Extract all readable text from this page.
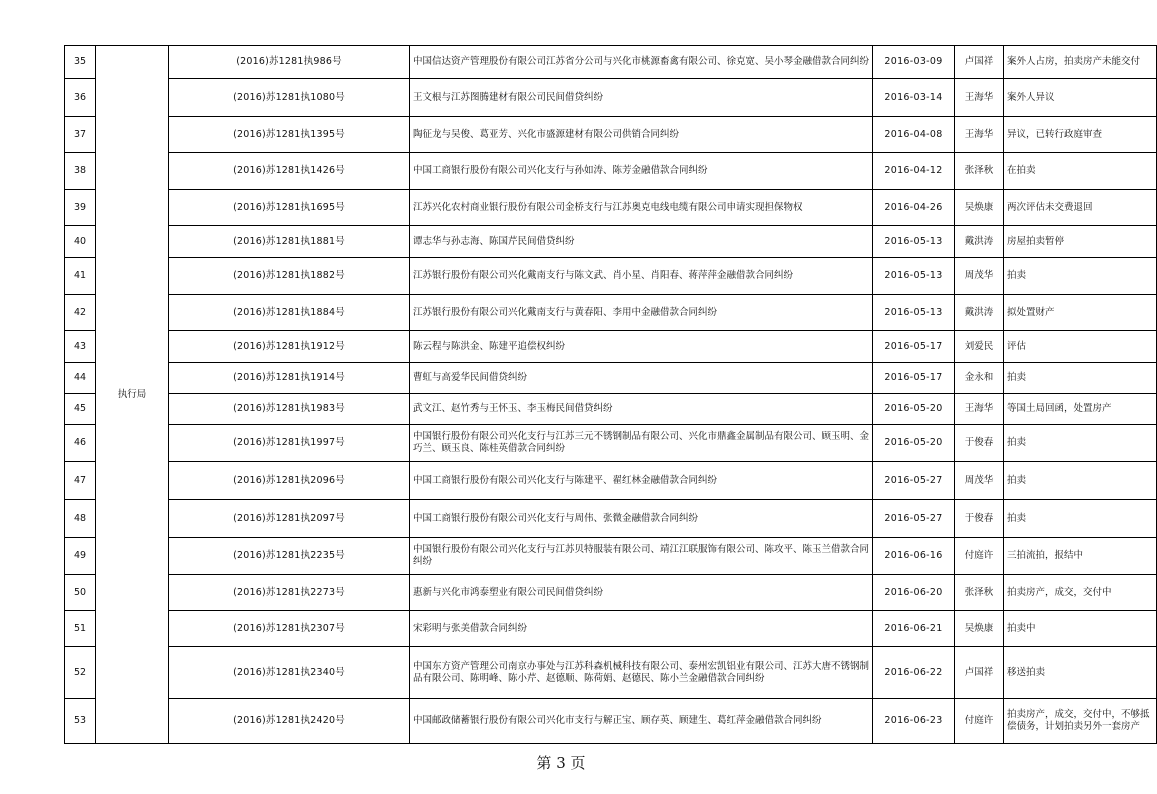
35	执行局	(2016)苏1281执986号	中国信达资产管理股份有限公司江苏省分公司与兴化市桃源畜禽有限公司、徐克宽、吴小琴金融借款合同纠纷	2016-03-09	卢国祥	案外人占房，拍卖房产未能交付
36		(2016)苏1281执1080号	王文根与江苏图腾建材有限公司民间借贷纠纷	2016-03-14	王海华	案外人异议
37		(2016)苏1281执1395号	陶征龙与吴俊、葛亚芳、兴化市盛源建材有限公司供销合同纠纷	2016-04-08	王海华	异议，已转行政庭审查
38		(2016)苏1281执1426号	中国工商银行股份有限公司兴化支行与孙如涛、陈芳金融借款合同纠纷	2016-04-12	张泽秋	在拍卖
39		(2016)苏1281执1695号	江苏兴化农村商业银行股份有限公司金桥支行与江苏奥克电线电缆有限公司申请实现担保物权	2016-04-26	吴焕康	两次评估未交费退回
40		(2016)苏1281执1881号	谭志华与孙志海、陈国芹民间借贷纠纷	2016-05-13	戴洪涛	房屋拍卖暂停
41		(2016)苏1281执1882号	江苏银行股份有限公司兴化戴南支行与陈文武、肖小星、肖阳春、蒋萍萍金融借款合同纠纷	2016-05-13	周茂华	拍卖
42		(2016)苏1281执1884号	江苏银行股份有限公司兴化戴南支行与黄春阳、李用中金融借款合同纠纷	2016-05-13	戴洪涛	拟处置财产
43		(2016)苏1281执1912号	陈云程与陈洪金、陈建平追偿权纠纷	2016-05-17	刘爱民	评估
44		(2016)苏1281执1914号	曹虹与高爱华民间借贷纠纷	2016-05-17	金永和	拍卖
45		(2016)苏1281执1983号	武文江、赵竹秀与王怀玉、李玉梅民间借贷纠纷	2016-05-20	王海华	等国土局回函，处置房产
46		(2016)苏1281执1997号	中国银行股份有限公司兴化支行与江苏三元不锈钢制品有限公司、兴化市鼎鑫金属制品有限公司、顾玉明、金巧兰、顾玉良、陈桂英借款合同纠纷	2016-05-20	于俊春	拍卖
47		(2016)苏1281执2096号	中国工商银行股份有限公司兴化支行与陈建平、翟红林金融借款合同纠纷	2016-05-27	周茂华	拍卖
48		(2016)苏1281执2097号	中国工商银行股份有限公司兴化支行与周伟、张微金融借款合同纠纷	2016-05-27	于俊春	拍卖
49		(2016)苏1281执2235号	中国银行股份有限公司兴化支行与江苏贝特服装有限公司、靖江江联服饰有限公司、陈攻平、陈玉兰借款合同纠纷	2016-06-16	付庭许	三拍流拍，报结中
50		(2016)苏1281执2273号	惠新与兴化市鸿泰塑业有限公司民间借贷纠纷	2016-06-20	张泽秋	拍卖房产，成交，交付中
51		(2016)苏1281执2307号	宋彩明与张美借款合同纠纷	2016-06-21	吴焕康	拍卖中
52		(2016)苏1281执2340号	中国东方资产管理公司南京办事处与江苏科森机械科技有限公司、泰州宏凯铝业有限公司、江苏大唐不锈钢制品有限公司、陈明峰、陈小芹、赵德顺、陈荷娟、赵德民、陈小兰金融借款合同纠纷	2016-06-22	卢国祥	移送拍卖
53		(2016)苏1281执2420号	中国邮政储蓄银行股份有限公司兴化市支行与解正宝、顾存英、顾建生、葛红萍金融借款合同纠纷	2016-06-23	付庭许	拍卖房产，成交，交付中，不够抵偿债务，计划拍卖另外一套房产
第 3 页
